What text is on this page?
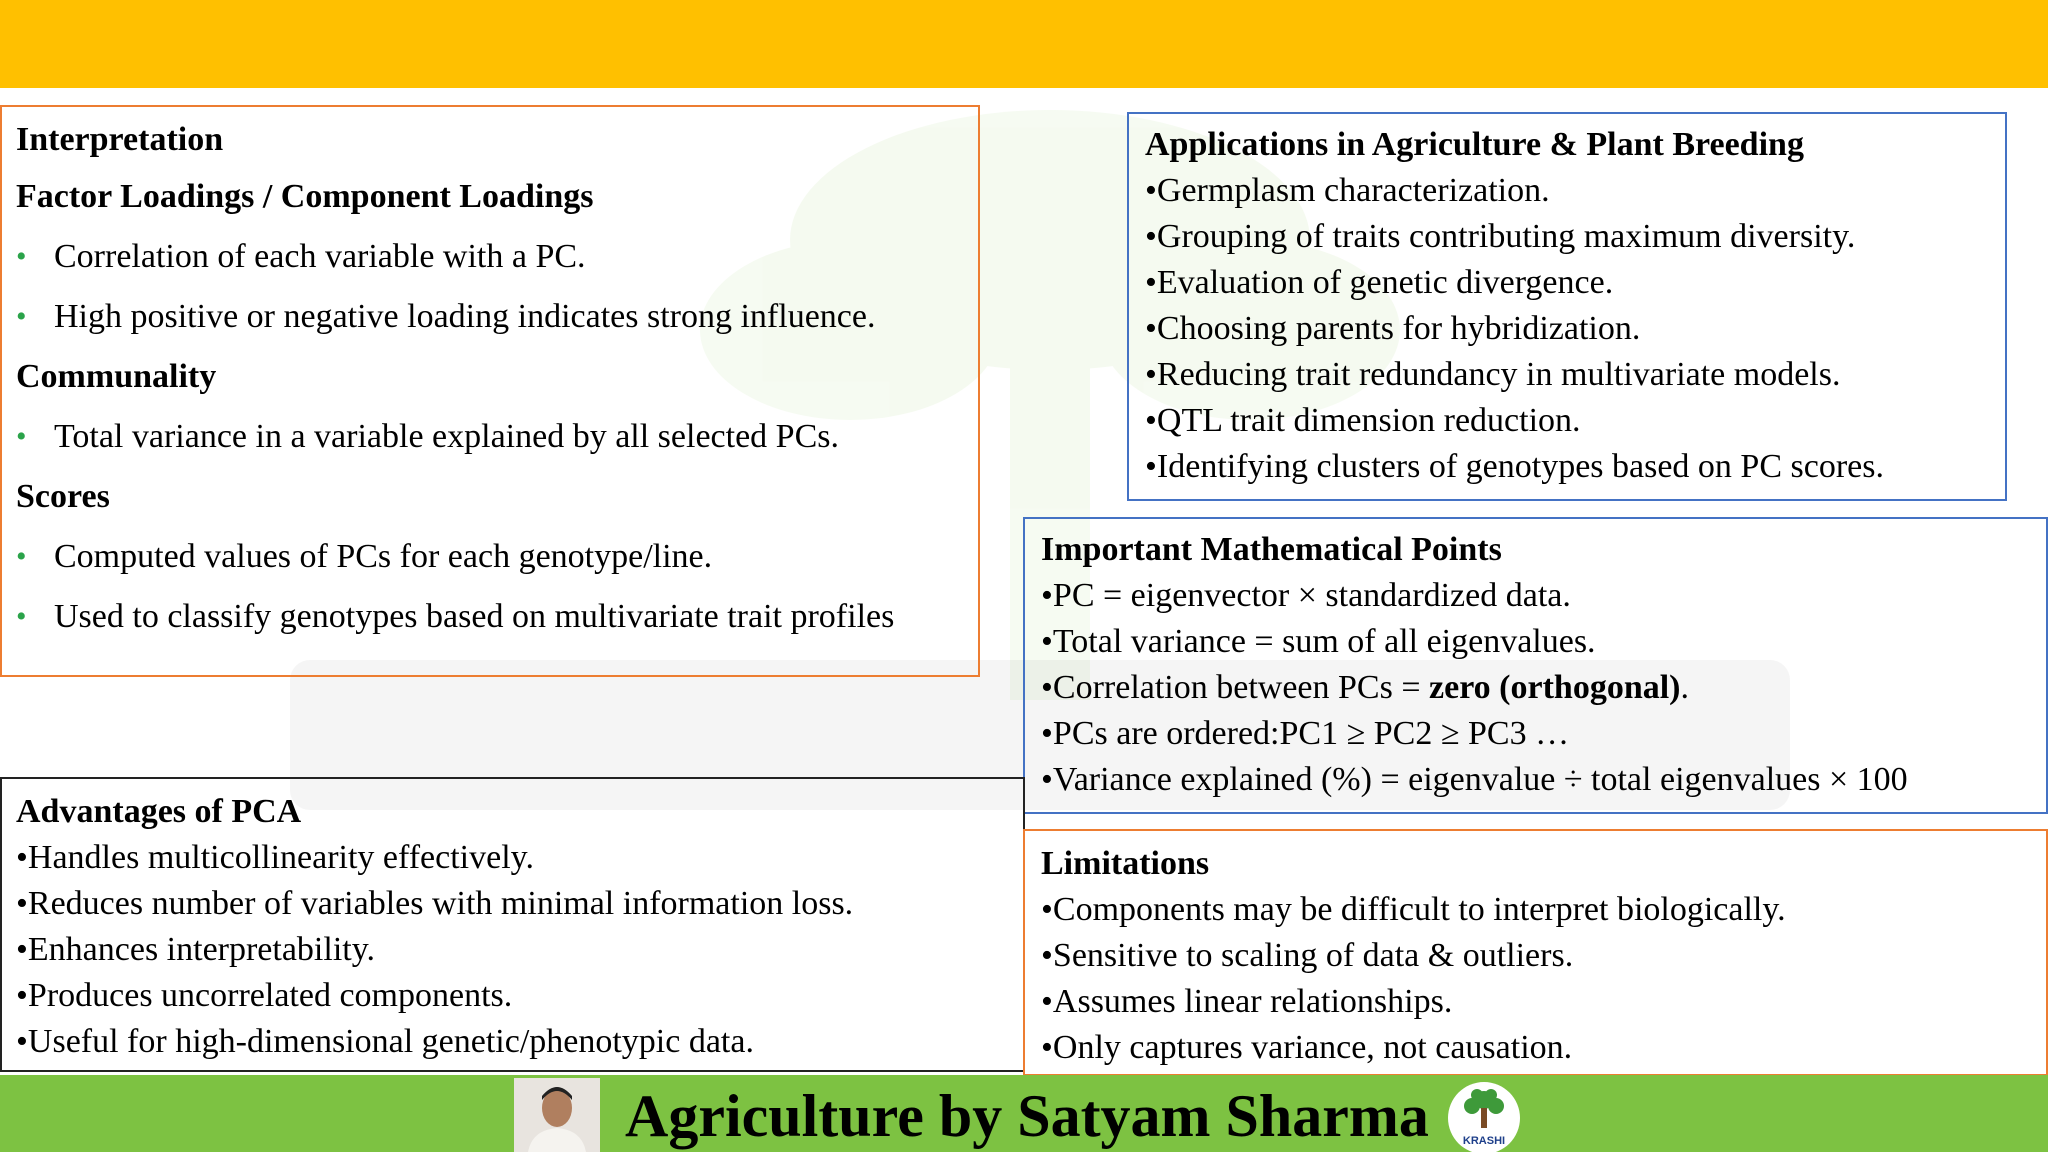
Interpretation
Factor Loadings / Component Loadings
• Correlation of each variable with a PC.
• High positive or negative loading indicates strong influence.
Communality
• Total variance in a variable explained by all selected PCs.
Scores
• Computed values of PCs for each genotype/line.
• Used to classify genotypes based on multivariate trait profiles
Applications in Agriculture & Plant Breeding
•Germplasm characterization.
•Grouping of traits contributing maximum diversity.
•Evaluation of genetic divergence.
•Choosing parents for hybridization.
•Reducing trait redundancy in multivariate models.
•QTL trait dimension reduction.
•Identifying clusters of genotypes based on PC scores.
Important Mathematical Points
•PC = eigenvector × standardized data.
•Total variance = sum of all eigenvalues.
•Correlation between PCs = zero (orthogonal).
•PCs are ordered:PC1 ≥ PC2 ≥ PC3 …
•Variance explained (%) = eigenvalue ÷ total eigenvalues × 100
Advantages of PCA
•Handles multicollinearity effectively.
•Reduces number of variables with minimal information loss.
•Enhances interpretability.
•Produces uncorrelated components.
•Useful for high-dimensional genetic/phenotypic data.
Limitations
•Components may be difficult to interpret biologically.
•Sensitive to scaling of data & outliers.
•Assumes linear relationships.
•Only captures variance, not causation.
Agriculture by Satyam Sharma	KRASHI
